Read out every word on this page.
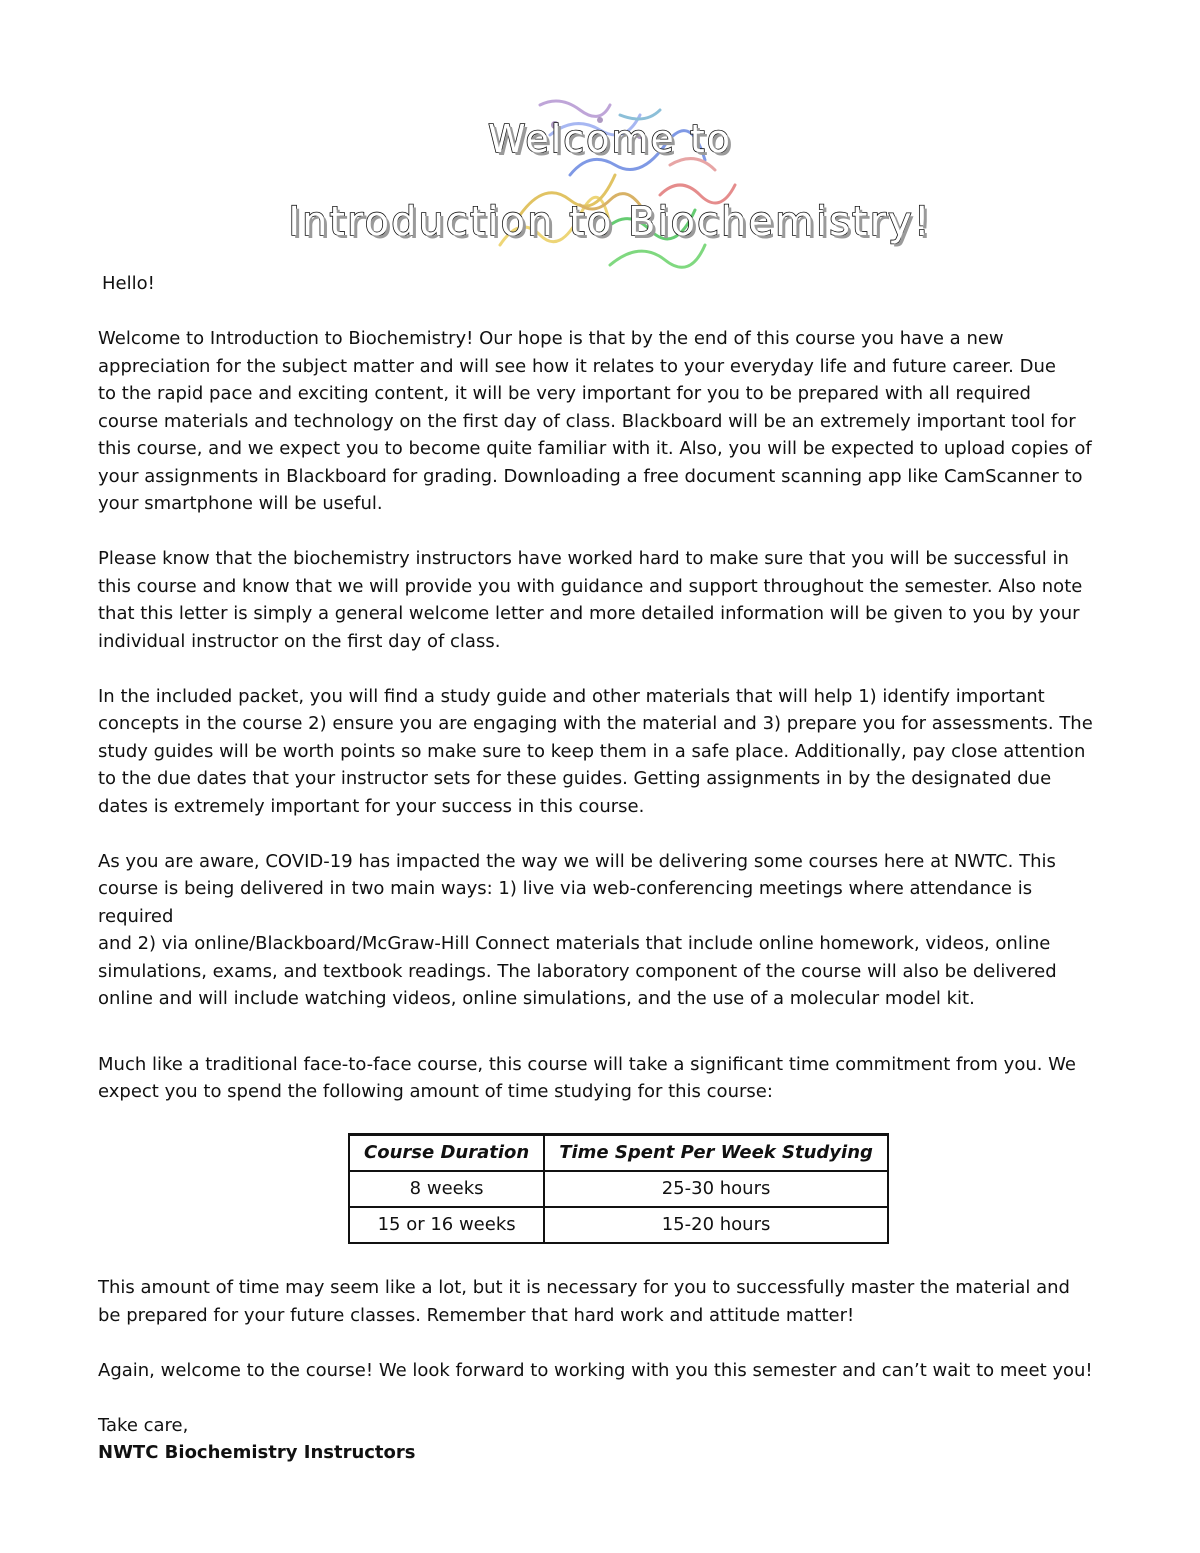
Welcome to
Introduction to Biochemistry!

Hello!

Welcome to Introduction to Biochemistry! Our hope is that by the end of this course you have a new
appreciation for the subject matter and will see how it relates to your everyday life and future career. Due
to the rapid pace and exciting content, it will be very important for you to be prepared with all required
course materials and technology on the first day of class. Blackboard will be an extremely important tool for
this course, and we expect you to become quite familiar with it. Also, you will be expected to upload copies of
your assignments in Blackboard for grading. Downloading a free document scanning app like CamScanner to
your smartphone will be useful.

Please know that the biochemistry instructors have worked hard to make sure that you will be successful in
this course and know that we will provide you with guidance and support throughout the semester. Also note
that this letter is simply a general welcome letter and more detailed information will be given to you by your
individual instructor on the first day of class.

In the included packet, you will find a study guide and other materials that will help 1) identify important
concepts in the course 2) ensure you are engaging with the material and 3) prepare you for assessments. The
study guides will be worth points so make sure to keep them in a safe place. Additionally, pay close attention
to the due dates that your instructor sets for these guides. Getting assignments in by the designated due
dates is extremely important for your success in this course.

As you are aware, COVID-19 has impacted the way we will be delivering some courses here at NWTC. This
course is being delivered in two main ways: 1) live via web-conferencing meetings where attendance is required
and 2) via online/Blackboard/McGraw-Hill Connect materials that include online homework, videos, online
simulations, exams, and textbook readings. The laboratory component of the course will also be delivered
online and will include watching videos, online simulations, and the use of a molecular model kit.

Much like a traditional face-to-face course, this course will take a significant time commitment from you. We
expect you to spend the following amount of time studying for this course:

Course Duration	Time Spent Per Week Studying
8 weeks	25-30 hours
15 or 16 weeks	15-20 hours

This amount of time may seem like a lot, but it is necessary for you to successfully master the material and
be prepared for your future classes. Remember that hard work and attitude matter!

Again, welcome to the course! We look forward to working with you this semester and can’t wait to meet you!

Take care,

NWTC Biochemistry Instructors
